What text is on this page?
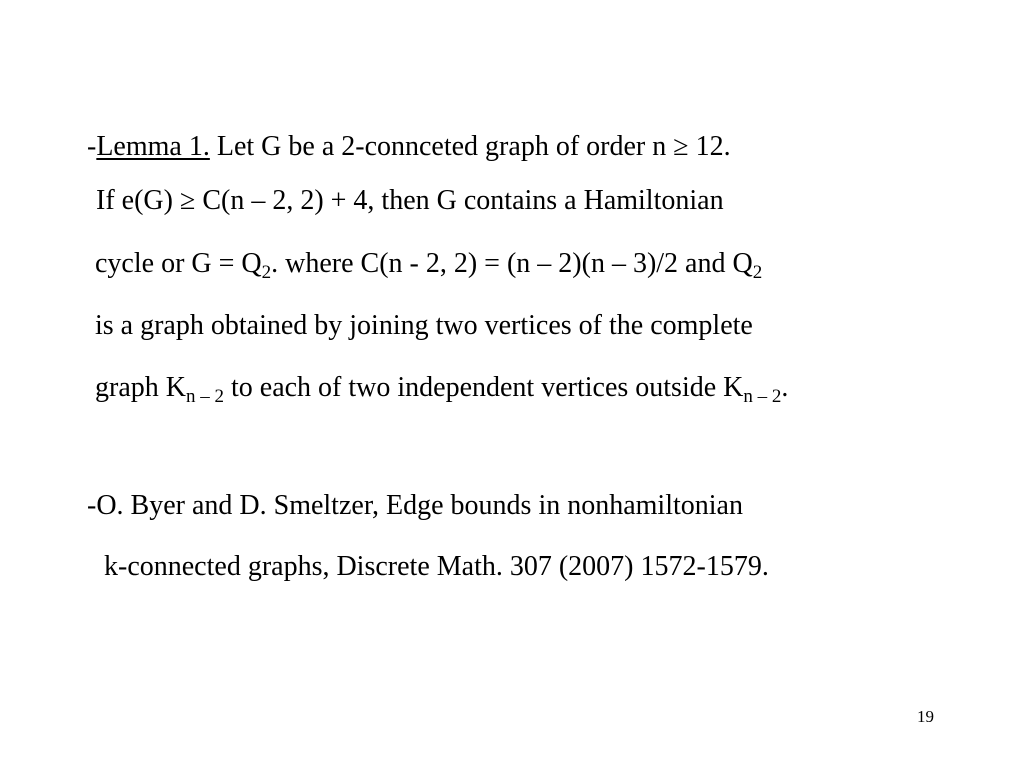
-Lemma 1. Let G be a 2-connceted graph of order n ≥ 12.
If e(G) ≥ C(n – 2, 2) + 4, then G contains a Hamiltonian
cycle or $G = Q_2$. where C(n - 2, 2) = (n – 2)(n – 3)/2 and $Q_2$
is a graph obtained by joining two vertices of the complete
graph $K_{n - 2}$ to each of two independent vertices outside $K_{n - 2}$.
-O. Byer and D. Smeltzer, Edge bounds in nonhamiltonian
k-connected graphs, Discrete Math. 307 (2007) 1572-1579.
19
